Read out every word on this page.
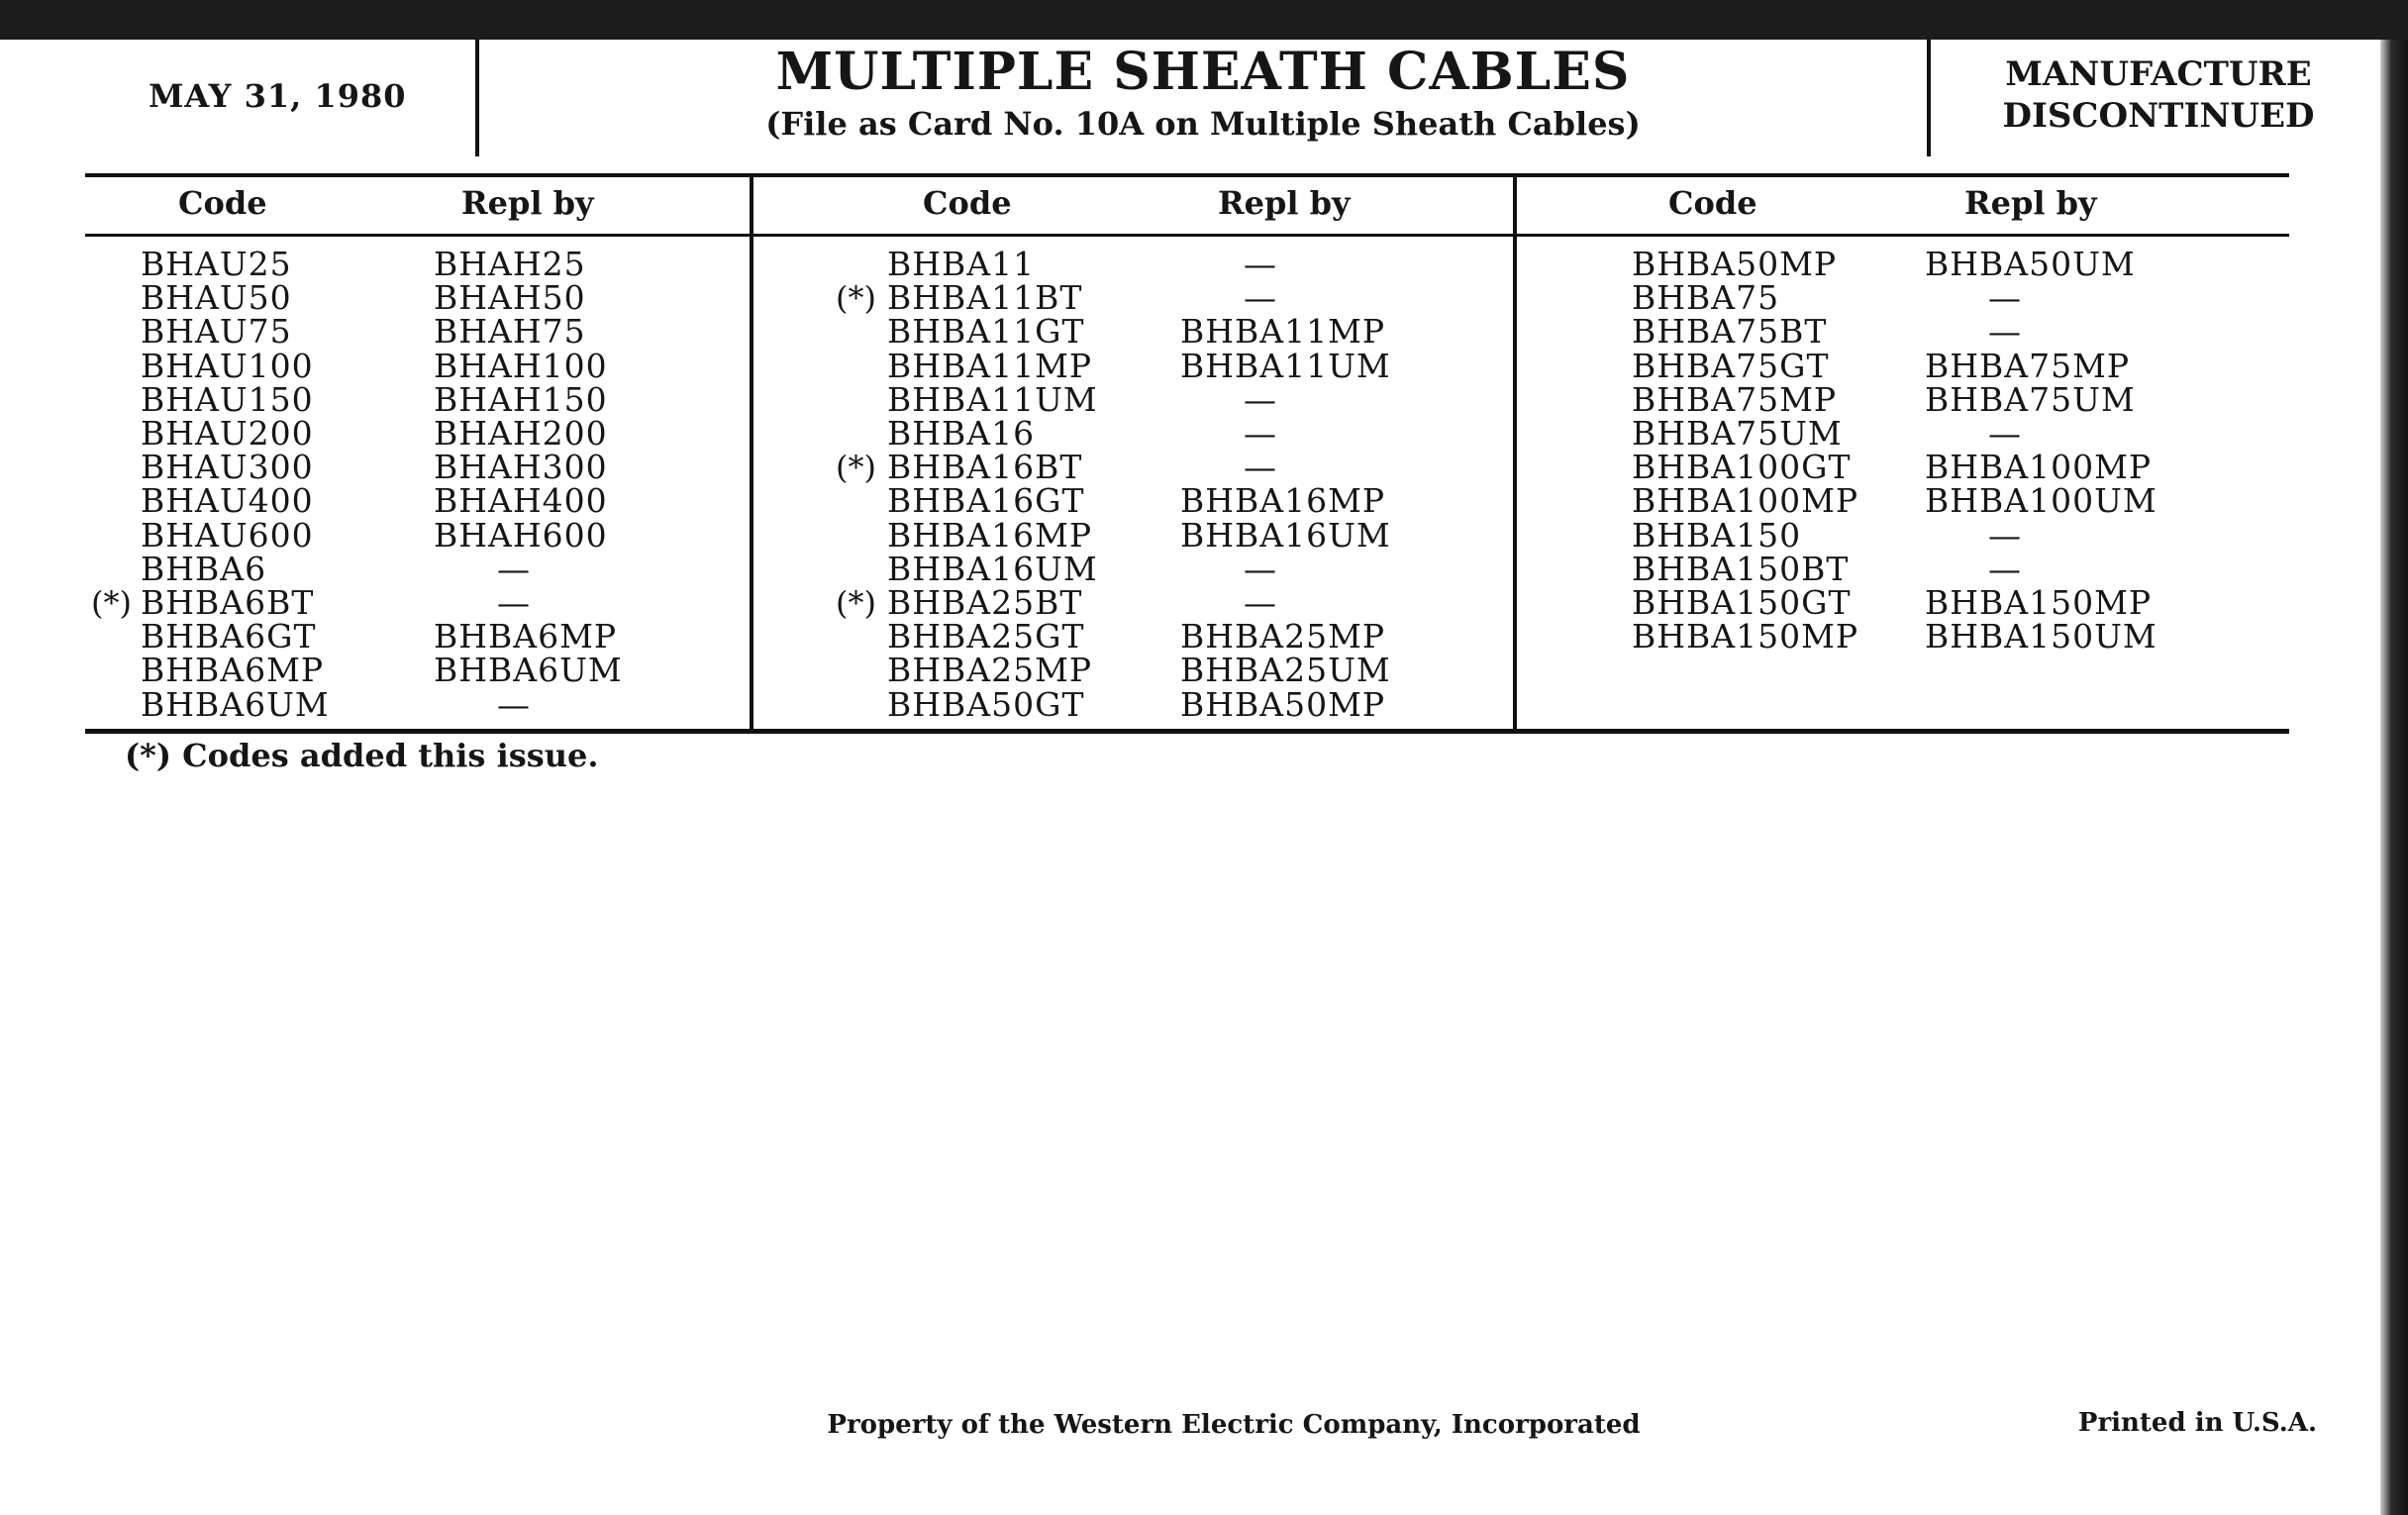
MAY 31, 1980	MULTIPLE SHEATH CABLES
(File as Card No. 10A on Multiple Sheath Cables)
MANUFACTURE
DISCONTINUED
Code	Repl by
BHAU25	BHAH25
BHAU50	BHAH50
BHAU75	BHAH75
BHAU100	BHAH100
BHAU150	BHAH150
BHAU200	BHAH200
BHAU300	BHAH300
BHAU400	BHAH400
BHAU600	BHAH600
BHBA6	—
(*) BHBA6BT	—
BHBA6GT	BHBA6MP
BHBA6MP	BHBA6UM
BHBA6UM	—
Code	Repl by
BHBA11	—
(*) BHBA11BT	—
BHBA11GT	BHBA11MP
BHBA11MP	BHBA11UM
BHBA11UM	—
BHBA16	—
(*) BHBA16BT	—
BHBA16GT	BHBA16MP
BHBA16MP	BHBA16UM
BHBA16UM	—
(*) BHBA25BT	—
BHBA25GT	BHBA25MP
BHBA25MP	BHBA25UM
BHBA50GT	BHBA50MP
Code	Repl by
BHBA50MP	BHBA50UM
BHBA75	—
BHBA75BT	—
BHBA75GT	BHBA75MP
BHBA75MP	BHBA75UM
BHBA75UM	—
BHBA100GT BHBA100MP
BHBA100MP BHBA100UM
BHBA150	—
BHBA150BT	—
BHBA150GT BHBA150MP
BHBA150MP BHBA150UM
(*) Codes added this issue.
Property of the Western Electric Company, Incorporated	Printed in U.S.A.
